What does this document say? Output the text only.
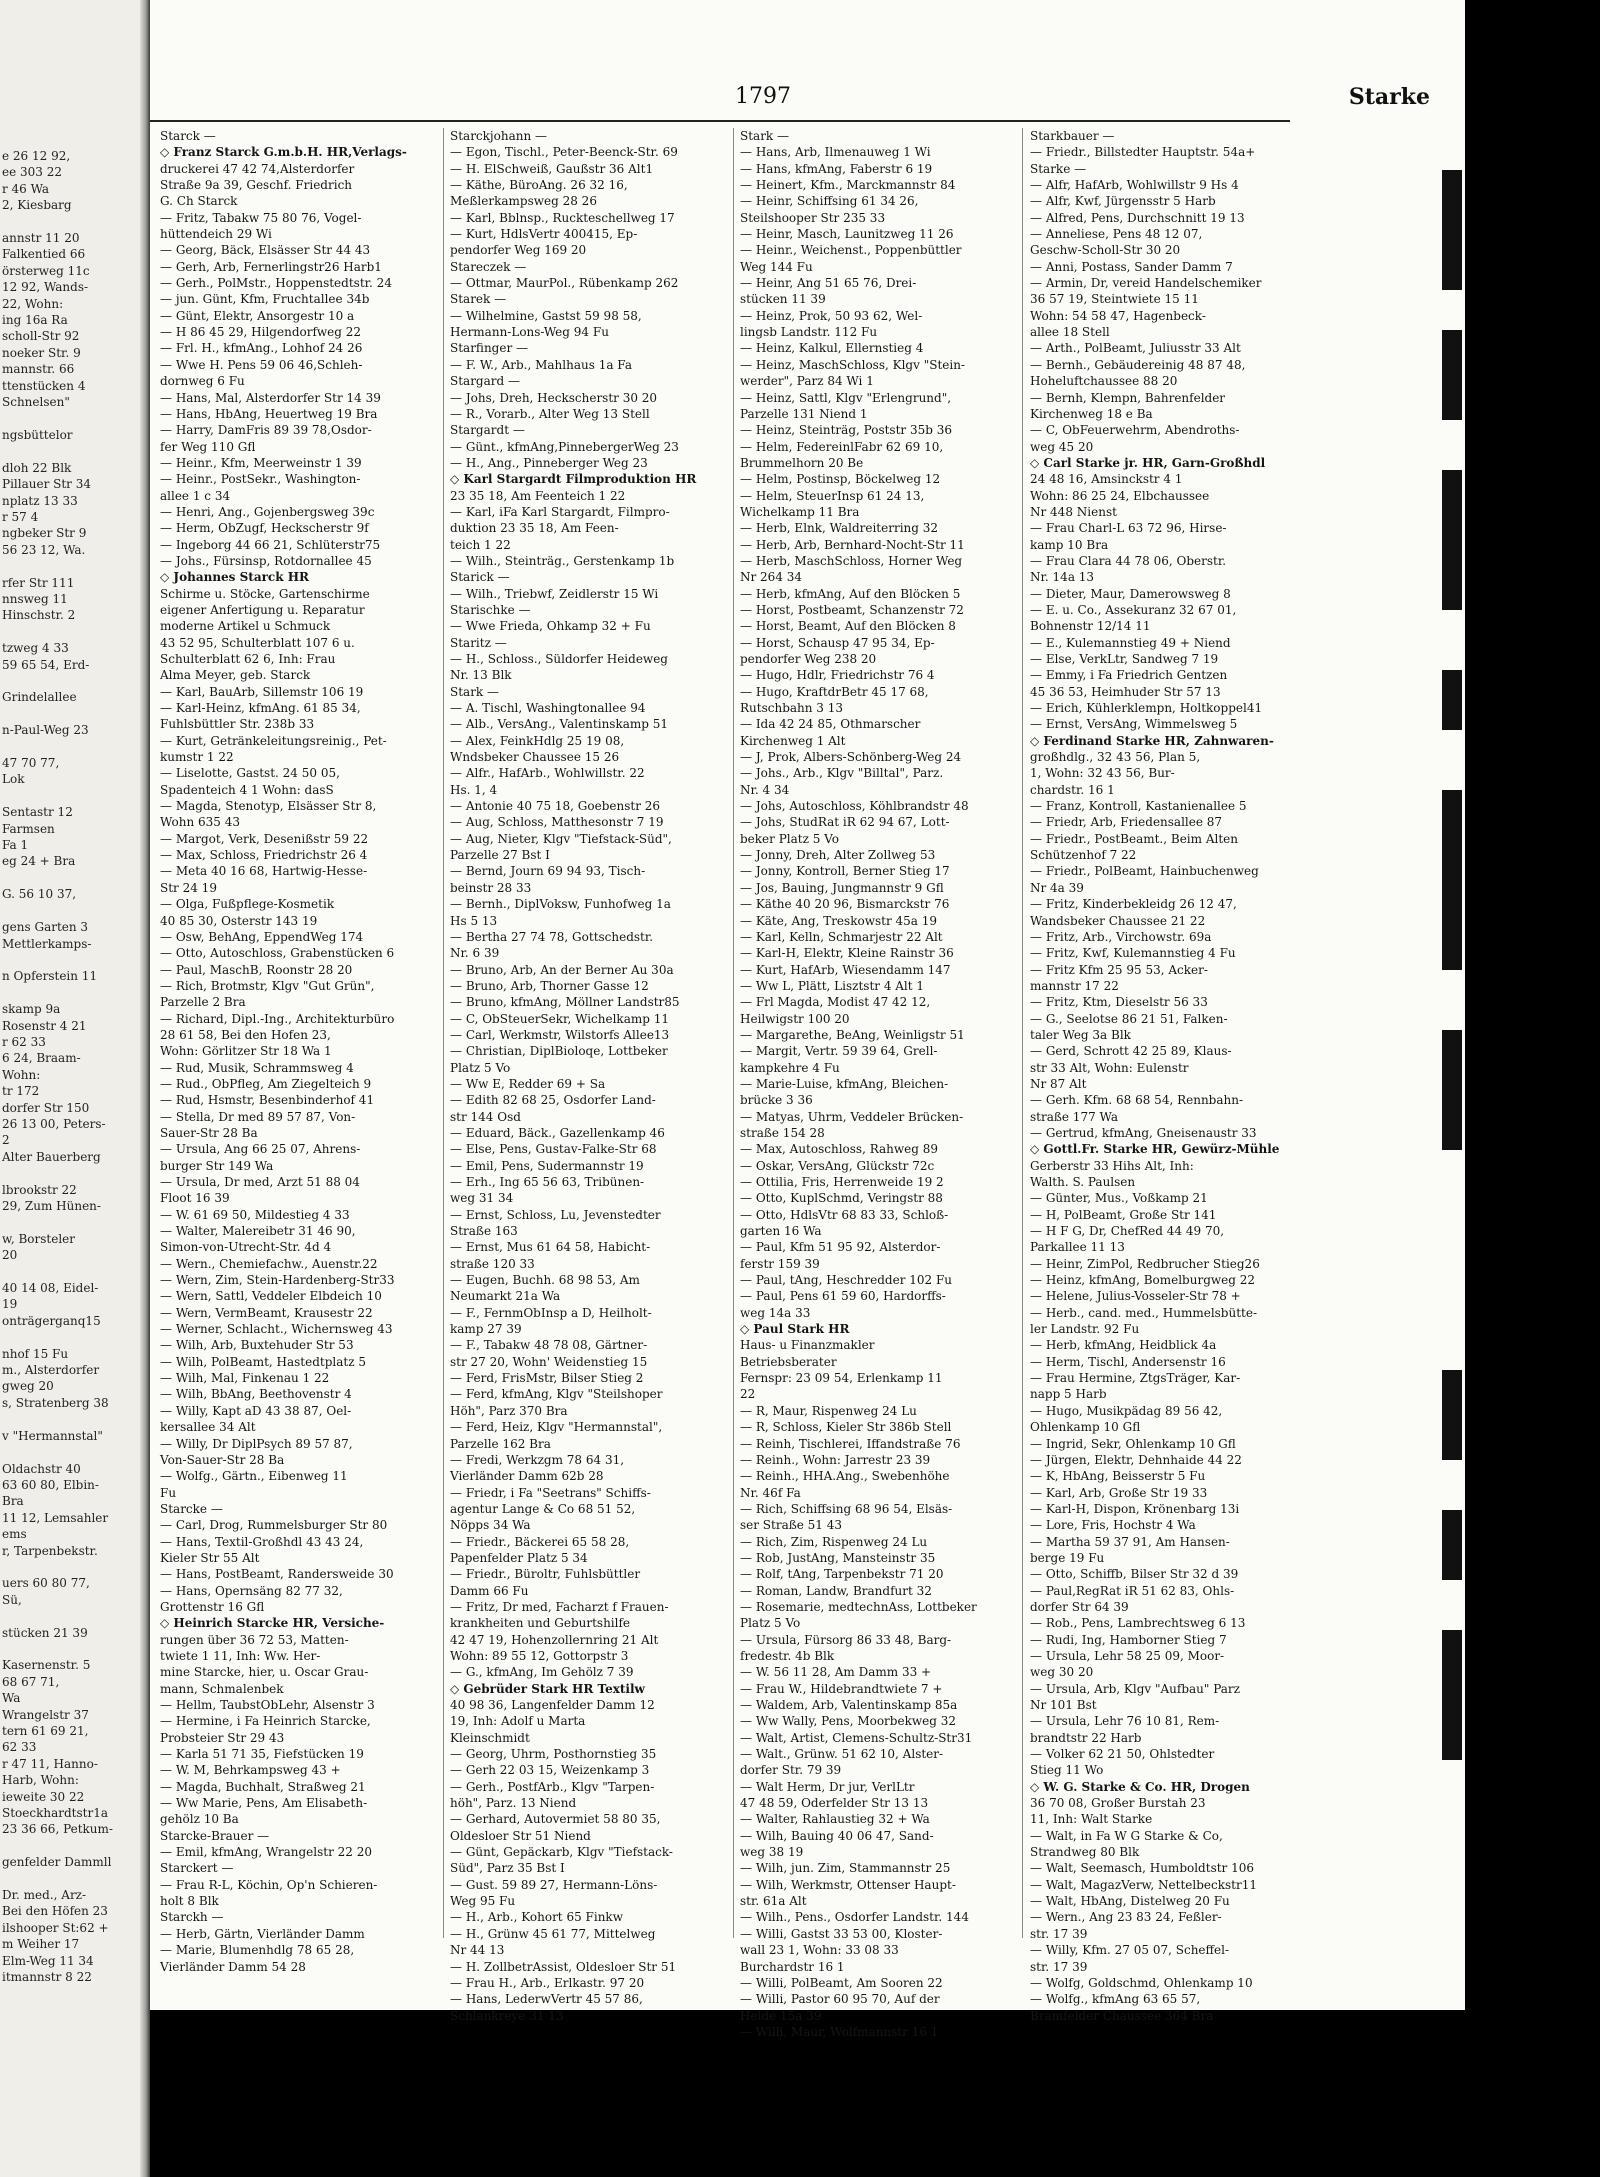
e 26 12 92,
ee 303 22
r 46 Wa
2, Kiesbarg

annstr 11 20
Falkentied 66
örsterweg 11c
12 92, Wands-
22, Wohn:
ing 16a Ra
scholl-Str 92
noeker Str. 9
mannstr. 66
ttenstücken 4
Schnelsen"

ngsbüttelor

dloh 22 Blk
Pillauer Str 34
nplatz 13 33
r 57 4
ngbeker Str 9
56 23 12, Wa.

rfer Str 111
nnsweg 11
Hinschstr. 2

tzweg 4 33
59 65 54, Erd-

Grindelallee

n-Paul-Weg 23

47 70 77,
Lok

Sentastr 12
Farmsen
Fa 1
eg 24 + Bra

G. 56 10 37,

gens Garten 3
Mettlerkamps-

n Opferstein 11

skamp 9a
Rosenstr 4 21
r 62 33
6 24, Braam-
Wohn:
tr 172
dorfer Str 150
26 13 00, Peters-
2
Alter Bauerberg

lbrookstr 22
29, Zum Hünen-

w, Borsteler
20

40 14 08, Eidel-
19
onträgerganq15

nhof 15 Fu
m., Alsterdorfer
gweg 20
s, Stratenberg 38

v "Hermannstal"

Oldachstr 40
63 60 80, Elbin-
Bra
11 12, Lemsahler
ems
r, Tarpenbekstr.

uers 60 80 77,
Sü,

stücken 21 39

Kasernenstr. 5
68 67 71,
Wa
Wrangelstr 37
tern 61 69 21,
62 33
r 47 11, Hanno-
Harb, Wohn:
ieweite 30 22
Stoeckhardtstr1a
23 36 66, Petkum-

genfelder Dammll

Dr. med., Arz-
Bei den Höfen 23
ilshooper St:62 +
m Weiher 17
Elm-Weg 11 34
itmannstr 8 22
1797	Starke
Starck —
◇ Franz Starck G.m.b.H. HR,Verlags-
druckerei 47 42 74,Alsterdorfer
Straße 9a 39, Geschf. Friedrich
G. Ch Starck
— Fritz, Tabakw 75 80 76, Vogel-
hüttendeich 29 Wi
— Georg, Bäck, Elsässer Str 44 43
— Gerh, Arb, Fernerlingstr26 Harb1
— Gerh., PolMstr., Hoppenstedtstr. 24
— jun. Günt, Kfm, Fruchtallee 34b
— Günt, Elektr, Ansorgestr 10 a
— H 86 45 29, Hilgendorfweg 22
— Frl. H., kfmAng., Lohhof 24 26
— Wwe H. Pens 59 06 46,Schleh-
dornweg 6 Fu
— Hans, Mal, Alsterdorfer Str 14 39
— Hans, HbAng, Heuertweg 19 Bra
— Harry, DamFris 89 39 78,Osdor-
fer Weg 110 Gfl
— Heinr., Kfm, Meerweinstr 1 39
— Heinr., PostSekr., Washington-
allee 1 c 34
— Henri, Ang., Gojenbergsweg 39c
— Herm, ObZugf, Heckscherstr 9f
— Ingeborg 44 66 21, Schlüterstr75
— Johs., Fürsinsp, Rotdornallee 45
◇ Johannes Starck HR
Schirme u. Stöcke, Gartenschirme
eigener Anfertigung u. Reparatur
moderne Artikel u Schmuck
43 52 95, Schulterblatt 107 6 u.
Schulterblatt 62 6, Inh: Frau
Alma Meyer, geb. Starck
— Karl, BauArb, Sillemstr 106 19
— Karl-Heinz, kfmAng. 61 85 34,
Fuhlsbüttler Str. 238b 33
— Kurt, Getränkeleitungsreinig., Pet-
kumstr 1 22
— Liselotte, Gastst. 24 50 05,
Spadenteich 4 1 Wohn: dasS
— Magda, Stenotyp, Elsässer Str 8,
Wohn 635 43
— Margot, Verk, Desenißstr 59 22
— Max, Schloss, Friedrichstr 26 4
— Meta 40 16 68, Hartwig-Hesse-
Str 24 19
— Olga, Fußpflege-Kosmetik
40 85 30, Osterstr 143 19
— Osw, BehAng, EppendWeg 174
— Otto, Autoschloss, Grabenstücken 6
— Paul, MaschB, Roonstr 28 20
— Rich, Brotmstr, Klgv "Gut Grün",
Parzelle 2 Bra
— Richard, Dipl.-Ing., Architekturbüro
28 61 58, Bei den Hofen 23,
Wohn: Görlitzer Str 18 Wa 1
— Rud, Musik, Schrammsweg 4
— Rud., ObPfleg, Am Ziegelteich 9
— Rud, Hsmstr, Besenbinderhof 41
— Stella, Dr med 89 57 87, Von-
Sauer-Str 28 Ba
— Ursula, Ang 66 25 07, Ahrens-
burger Str 149 Wa
— Ursula, Dr med, Arzt 51 88 04
Floot 16 39
— W. 61 69 50, Mildestieg 4 33
— Walter, Malereibetr 31 46 90,
Simon-von-Utrecht-Str. 4d 4
— Wern., Chemiefachw., Auenstr.22
— Wern, Zim, Stein-Hardenberg-Str33
— Wern, Sattl, Veddeler Elbdeich 10
— Wern, VermBeamt, Krausestr 22
— Werner, Schlacht., Wichernsweg 43
— Wilh, Arb, Buxtehuder Str 53
— Wilh, PolBeamt, Hastedtplatz 5
— Wilh, Mal, Finkenau 1 22
— Wilh, BbAng, Beethovenstr 4
— Willy, Kapt aD 43 38 87, Oel-
kersallee 34 Alt
— Willy, Dr DiplPsych 89 57 87,
Von-Sauer-Str 28 Ba
— Wolfg., Gärtn., Eibenweg 11
Fu
Starcke —
— Carl, Drog, Rummelsburger Str 80
— Hans, Textil-Großhdl 43 43 24,
Kieler Str 55 Alt
— Hans, PostBeamt, Randersweide 30
— Hans, Opernsäng 82 77 32,
Grottenstr 16 Gfl
◇ Heinrich Starcke HR, Versiche-
rungen über 36 72 53, Matten-
twiete 1 11, Inh: Ww. Her-
mine Starcke, hier, u. Oscar Grau-
mann, Schmalenbek
— Hellm, TaubstObLehr, Alsenstr 3
— Hermine, i Fa Heinrich Starcke,
Probsteier Str 29 43
— Karla 51 71 35, Fiefstücken 19
— W. M, Behrkampsweg 43 +
— Magda, Buchhalt, Straßweg 21
— Ww Marie, Pens, Am Elisabeth-
gehölz 10 Ba
Starcke-Brauer —
— Emil, kfmAng, Wrangelstr 22 20
Starckert —
— Frau R-L, Köchin, Op'n Schieren-
holt 8 Blk
Starckh —
— Herb, Gärtn, Vierländer Damm
— Marie, Blumenhdlg 78 65 28,
Vierländer Damm 54 28
Starckjohann —
— Egon, Tischl., Peter-Beenck-Str. 69
— H. ElSchweiß, Gaußstr 36 Alt1
— Käthe, BüroAng. 26 32 16,
Meßlerkampsweg 28 26
— Karl, Bblnsp., Ruckteschellweg 17
— Kurt, HdlsVertr 400415, Ep-
pendorfer Weg 169 20
Stareczek —
— Ottmar, MaurPol., Rübenkamp 262
Starek —
— Wilhelmine, Gastst 59 98 58,
Hermann-Lons-Weg 94 Fu
Starfinger —
— F. W., Arb., Mahlhaus 1a Fa
Stargard —
— Johs, Dreh, Heckscherstr 30 20
— R., Vorarb., Alter Weg 13 Stell
Stargardt —
— Günt., kfmAng,PinnebergerWeg 23
— H., Ang., Pinneberger Weg 23
◇ Karl Stargardt Filmproduktion HR
23 35 18, Am Feenteich 1 22
— Karl, iFa Karl Stargardt, Filmpro-
duktion 23 35 18, Am Feen-
teich 1 22
— Wilh., Steinträg., Gerstenkamp 1b
Starick —
— Wilh., Triebwf, Zeidlerstr 15 Wi
Starischke —
— Wwe Frieda, Ohkamp 32 + Fu
Staritz —
— H., Schloss., Süldorfer Heideweg
Nr. 13 Blk
Stark —
— A. Tischl, Washingtonallee 94
— Alb., VersAng., Valentinskamp 51
— Alex, FeinkHdlg 25 19 08,
Wndsbeker Chaussee 15 26
— Alfr., HafArb., Wohlwillstr. 22
Hs. 1, 4
— Antonie 40 75 18, Goebenstr 26
— Aug, Schloss, Matthesonstr 7 19
— Aug, Nieter, Klgv "Tiefstack-Süd",
Parzelle 27 Bst I
— Bernd, Journ 69 94 93, Tisch-
beinstr 28 33
— Bernh., DiplVoksw, Funhofweg 1a
Hs 5 13
— Bertha 27 74 78, Gottschedstr.
Nr. 6 39
— Bruno, Arb, An der Berner Au 30a
— Bruno, Arb, Thorner Gasse 12
— Bruno, kfmAng, Möllner Landstr85
— C, ObSteuerSekr, Wichelkamp 11
— Carl, Werkmstr, Wilstorfs Allee13
— Christian, DiplBioloqe, Lottbeker
Platz 5 Vo
— Ww E, Redder 69 + Sa
— Edith 82 68 25, Osdorfer Land-
str 144 Osd
— Eduard, Bäck., Gazellenkamp 46
— Else, Pens, Gustav-Falke-Str 68
— Emil, Pens, Sudermannstr 19
— Erh., Ing 65 56 63, Tribünen-
weg 31 34
— Ernst, Schloss, Lu, Jevenstedter
Straße 163
— Ernst, Mus 61 64 58, Habicht-
straße 120 33
— Eugen, Buchh. 68 98 53, Am
Neumarkt 21a Wa
— F., FernmObInsp a D, Heilholt-
kamp 27 39
— F., Tabakw 48 78 08, Gärtner-
str 27 20, Wohn' Weidenstieg 15
— Ferd, FrisMstr, Bilser Stieg 2
— Ferd, kfmAng, Klgv "Steilshoper
Höh", Parz 370 Bra
— Ferd, Heiz, Klgv "Hermannstal",
Parzelle 162 Bra
— Fredi, Werkzgm 78 64 31,
Vierländer Damm 62b 28
— Friedr, i Fa "Seetrans" Schiffs-
agentur Lange & Co 68 51 52,
Nöpps 34 Wa
— Friedr., Bäckerei 65 58 28,
Papenfelder Platz 5 34
— Friedr., Büroltr, Fuhlsbüttler
Damm 66 Fu
— Fritz, Dr med, Facharzt f Frauen-
krankheiten und Geburtshilfe
42 47 19, Hohenzollernring 21 Alt
Wohn: 89 55 12, Gottorpstr 3
— G., kfmAng, Im Gehölz 7 39
◇ Gebrüder Stark HR Textilw
40 98 36, Langenfelder Damm 12
19, Inh: Adolf u Marta
Kleinschmidt
— Georg, Uhrm, Posthornstieg 35
— Gerh 22 03 15, Weizenkamp 3
— Gerh., PostfArb., Klgv "Tarpen-
höh", Parz. 13 Niend
— Gerhard, Autovermiet 58 80 35,
Oldesloer Str 51 Niend
— Günt, Gepäckarb, Klgv "Tiefstack-
Süd", Parz 35 Bst I
— Gust. 59 89 27, Hermann-Löns-
Weg 95 Fu
— H., Arb., Kohort 65 Finkw
— H., Grünw 45 61 77, Mittelweg
Nr 44 13
— H. ZollbetrAssist, Oldesloer Str 51
— Frau H., Arb., Erlkastr. 97 20
— Hans, LederwVertr 45 57 86,
Schlankreye 31 13
Stark —
— Hans, Arb, Ilmenauweg 1 Wi
— Hans, kfmAng, Faberstr 6 19
— Heinert, Kfm., Marckmannstr 84
— Heinr, Schiffsing 61 34 26,
Steilshooper Str 235 33
— Heinr, Masch, Launitzweg 11 26
— Heinr., Weichenst., Poppenbüttler
Weg 144 Fu
— Heinr, Ang 51 65 76, Drei-
stücken 11 39
— Heinz, Prok, 50 93 62, Wel-
lingsb Landstr. 112 Fu
— Heinz, Kalkul, Ellernstieg 4
— Heinz, MaschSchloss, Klgv "Stein-
werder", Parz 84 Wi 1
— Heinz, Sattl, Klgv "Erlengrund",
Parzelle 131 Niend 1
— Heinz, Steinträg, Poststr 35b 36
— Helm, FedereinlFabr 62 69 10,
Brummelhorn 20 Be
— Helm, Postinsp, Böckelweg 12
— Helm, SteuerInsp 61 24 13,
Wichelkamp 11 Bra
— Herb, Elnk, Waldreiterring 32
— Herb, Arb, Bernhard-Nocht-Str 11
— Herb, MaschSchloss, Horner Weg
Nr 264 34
— Herb, kfmAng, Auf den Blöcken 5
— Horst, Postbeamt, Schanzenstr 72
— Horst, Beamt, Auf den Blöcken 8
— Horst, Schausp 47 95 34, Ep-
pendorfer Weg 238 20
— Hugo, Hdlr, Friedrichstr 76 4
— Hugo, KraftdrBetr 45 17 68,
Rutschbahn 3 13
— Ida 42 24 85, Othmarscher
Kirchenweg 1 Alt
— J, Prok, Albers-Schönberg-Weg 24
— Johs., Arb., Klgv "Billtal", Parz.
Nr. 4 34
— Johs, Autoschloss, Köhlbrandstr 48
— Johs, StudRat iR 62 94 67, Lott-
beker Platz 5 Vo
— Jonny, Dreh, Alter Zollweg 53
— Jonny, Kontroll, Berner Stieg 17
— Jos, Bauing, Jungmannstr 9 Gfl
— Käthe 40 20 96, Bismarckstr 76
— Käte, Ang, Treskowstr 45a 19
— Karl, Kelln, Schmarjestr 22 Alt
— Karl-H, Elektr, Kleine Rainstr 36
— Kurt, HafArb, Wiesendamm 147
— Ww L, Plätt, Lisztstr 4 Alt 1
— Frl Magda, Modist 47 42 12,
Heilwigstr 100 20
— Margarethe, BeAng, Weinligstr 51
— Margit, Vertr. 59 39 64, Grell-
kampkehre 4 Fu
— Marie-Luise, kfmAng, Bleichen-
brücke 3 36
— Matyas, Uhrm, Veddeler Brücken-
straße 154 28
— Max, Autoschloss, Rahweg 89
— Oskar, VersAng, Glückstr 72c
— Ottilia, Fris, Herrenweide 19 2
— Otto, KuplSchmd, Veringstr 88
— Otto, HdlsVtr 68 83 33, Schloß-
garten 16 Wa
— Paul, Kfm 51 95 92, Alsterdor-
ferstr 159 39
— Paul, tAng, Heschredder 102 Fu
— Paul, Pens 61 59 60, Hardorffs-
weg 14a 33
◇ Paul Stark HR
Haus- u Finanzmakler
Betriebsberater
Fernspr: 23 09 54, Erlenkamp 11
22
— R, Maur, Rispenweg 24 Lu
— R, Schloss, Kieler Str 386b Stell
— Reinh, Tischlerei, Iffandstraße 76
— Reinh., Wohn: Jarrestr 23 39
— Reinh., HHA.Ang., Swebenhöhe
Nr. 46f Fa
— Rich, Schiffsing 68 96 54, Elsäs-
ser Straße 51 43
— Rich, Zim, Rispenweg 24 Lu
— Rob, JustAng, Mansteinstr 35
— Rolf, tAng, Tarpenbekstr 71 20
— Roman, Landw, Brandfurt 32
— Rosemarie, medtechnAss, Lottbeker
Platz 5 Vo
— Ursula, Fürsorg 86 33 48, Barg-
fredestr. 4b Blk
— W. 56 11 28, Am Damm 33 +
— Frau W., Hildebrandtwiete 7 +
— Waldem, Arb, Valentinskamp 85a
— Ww Wally, Pens, Moorbekweg 32
— Walt, Artist, Clemens-Schultz-Str31
— Walt., Grünw. 51 62 10, Alster-
dorfer Str. 79 39
— Walt Herm, Dr jur, VerlLtr
47 48 59, Oderfelder Str 13 13
— Walter, Rahlaustieg 32 + Wa
— Wilh, Bauing 40 06 47, Sand-
weg 38 19
— Wilh, jun. Zim, Stammannstr 25
— Wilh, Werkmstr, Ottenser Haupt-
str. 61a Alt
— Wilh., Pens., Osdorfer Landstr. 144
— Willi, Gastst 33 53 00, Kloster-
wall 23 1, Wohn: 33 08 33
Burchardstr 16 1
— Willi, PolBeamt, Am Sooren 22
— Willi, Pastor 60 95 70, Auf der
Heide 15a 39
— Willi, Maur, Wolfmannstr 16 1
Starkbauer —
— Friedr., Billstedter Hauptstr. 54a+
Starke —
— Alfr, HafArb, Wohlwillstr 9 Hs 4
— Alfr, Kwf, Jürgensstr 5 Harb
— Alfred, Pens, Durchschnitt 19 13
— Anneliese, Pens 48 12 07,
Geschw-Scholl-Str 30 20
— Anni, Postass, Sander Damm 7
— Armin, Dr, vereid Handelschemiker
36 57 19, Steintwiete 15 11
Wohn: 54 58 47, Hagenbeck-
allee 18 Stell
— Arth., PolBeamt, Juliusstr 33 Alt
— Bernh., Gebäudereinig 48 87 48,
Hoheluftchaussee 88 20
— Bernh, Klempn, Bahrenfelder
Kirchenweg 18 e Ba
— C, ObFeuerwehrm, Abendroths-
weg 45 20
◇ Carl Starke jr. HR, Garn-Großhdl
24 48 16, Amsinckstr 4 1
Wohn: 86 25 24, Elbchaussee
Nr 448 Nienst
— Frau Charl-L 63 72 96, Hirse-
kamp 10 Bra
— Frau Clara 44 78 06, Oberstr.
Nr. 14a 13
— Dieter, Maur, Damerowsweg 8
— E. u. Co., Assekuranz 32 67 01,
Bohnenstr 12/14 11
— E., Kulemannstieg 49 + Niend
— Else, VerkLtr, Sandweg 7 19
— Emmy, i Fa Friedrich Gentzen
45 36 53, Heimhuder Str 57 13
— Erich, Kühlerklempn, Holtkoppel41
— Ernst, VersAng, Wimmelsweg 5
◇ Ferdinand Starke HR, Zahnwaren-
großhdlg., 32 43 56, Plan 5,
1, Wohn: 32 43 56, Bur-
chardstr. 16 1
— Franz, Kontroll, Kastanienallee 5
— Friedr, Arb, Friedensallee 87
— Friedr., PostBeamt., Beim Alten
Schützenhof 7 22
— Friedr., PolBeamt, Hainbuchenweg
Nr 4a 39
— Fritz, Kinderbekleidg 26 12 47,
Wandsbeker Chaussee 21 22
— Fritz, Arb., Virchowstr. 69a
— Fritz, Kwf, Kulemannstieg 4 Fu
— Fritz Kfm 25 95 53, Acker-
mannstr 17 22
— Fritz, Ktm, Dieselstr 56 33
— G., Seelotse 86 21 51, Falken-
taler Weg 3a Blk
— Gerd, Schrott 42 25 89, Klaus-
str 33 Alt, Wohn: Eulenstr
Nr 87 Alt
— Gerh. Kfm. 68 68 54, Rennbahn-
straße 177 Wa
— Gertrud, kfmAng, Gneisenaustr 33
◇ Gottl.Fr. Starke HR, Gewürz-Mühle
Gerberstr 33 Hihs Alt, Inh:
Walth. S. Paulsen
— Günter, Mus., Voßkamp 21
— H, PolBeamt, Große Str 141
— H F G, Dr, ChefRed 44 49 70,
Parkallee 11 13
— Heinr, ZimPol, Redbrucher Stieg26
— Heinz, kfmAng, Bomelburgweg 22
— Helene, Julius-Vosseler-Str 78 +
— Herb., cand. med., Hummelsbütte-
ler Landstr. 92 Fu
— Herb, kfmAng, Heidblick 4a
— Herm, Tischl, Andersenstr 16
— Frau Hermine, ZtgsTräger, Kar-
napp 5 Harb
— Hugo, Musikpädag 89 56 42,
Ohlenkamp 10 Gfl
— Ingrid, Sekr, Ohlenkamp 10 Gfl
— Jürgen, Elektr, Dehnhaide 44 22
— K, HbAng, Beisserstr 5 Fu
— Karl, Arb, Große Str 19 33
— Karl-H, Dispon, Krönenbarg 13i
— Lore, Fris, Hochstr 4 Wa
— Martha 59 37 91, Am Hansen-
berge 19 Fu
— Otto, Schiffb, Bilser Str 32 d 39
— Paul,RegRat iR 51 62 83, Ohls-
dorfer Str 64 39
— Rob., Pens, Lambrechtsweg 6 13
— Rudi, Ing, Hamborner Stieg 7
— Ursula, Lehr 58 25 09, Moor-
weg 30 20
— Ursula, Arb, Klgv "Aufbau" Parz
Nr 101 Bst
— Ursula, Lehr 76 10 81, Rem-
brandtstr 22 Harb
— Volker 62 21 50, Ohlstedter
Stieg 11 Wo
◇ W. G. Starke & Co. HR, Drogen
36 70 08, Großer Burstah 23
11, Inh: Walt Starke
— Walt, in Fa W G Starke & Co,
Strandweg 80 Blk
— Walt, Seemasch, Humboldtstr 106
— Walt, MagazVerw, Nettelbeckstr11
— Walt, HbAng, Distelweg 20 Fu
— Wern., Ang 23 83 24, Feßler-
str. 17 39
— Willy, Kfm. 27 05 07, Scheffel-
str. 17 39
— Wolfg, Goldschmd, Ohlenkamp 10
— Wolfg., kfmAng 63 65 57,
Bramfelder Chaussee 364 Bra
